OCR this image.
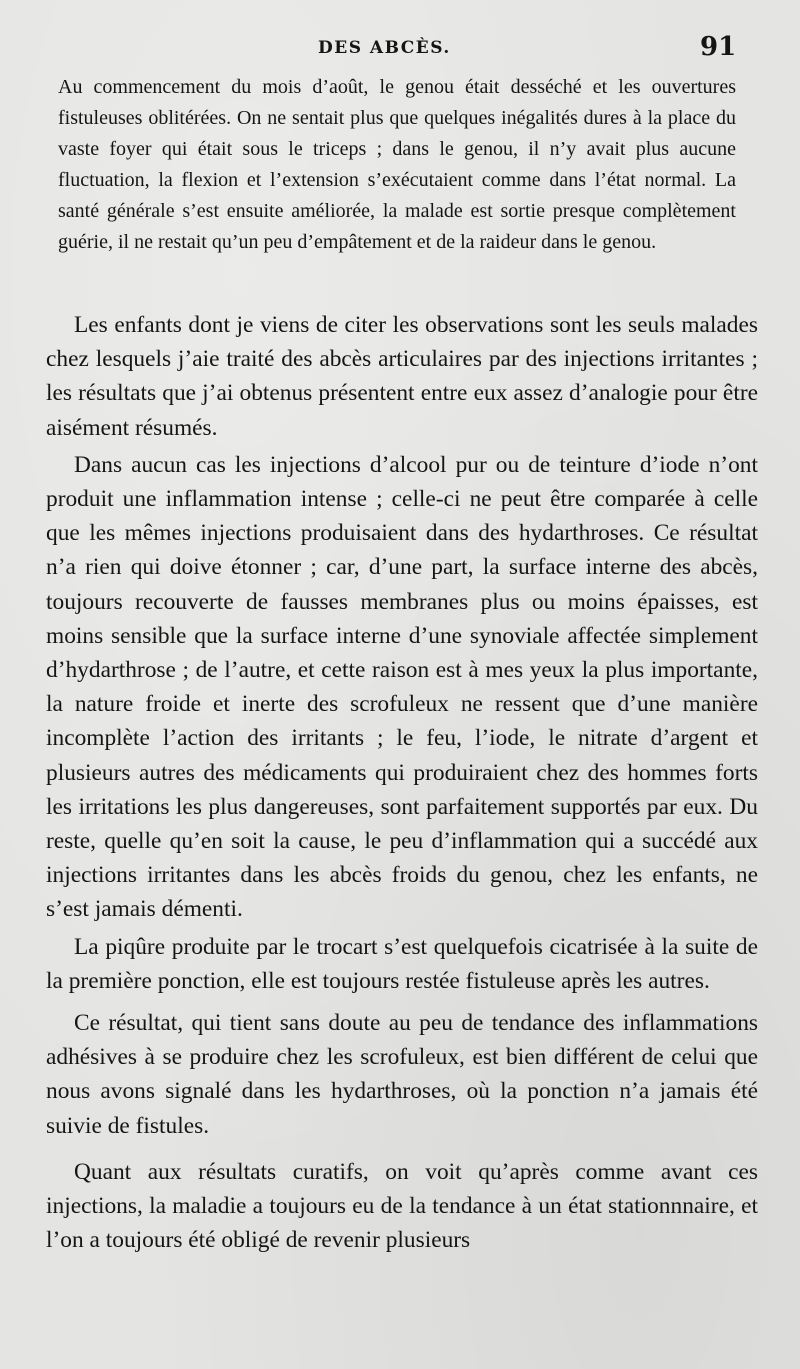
DES ABCÈS.	91

Au commencement du mois d’août, le genou était desséché et les ouvertures fistuleuses oblitérées. On ne sentait plus que quelques inégalités dures à la place du vaste foyer qui était sous le triceps ; dans le genou, il n’y avait plus aucune fluctuation, la flexion et l’extension s’exécutaient comme dans l’état normal. La santé générale s’est ensuite améliorée, la malade est sortie presque complètement guérie, il ne restait qu’un peu d’empâtement et de la raideur dans le genou.

Les enfants dont je viens de citer les observations sont les seuls malades chez lesquels j’aie traité des abcès articulaires par des injections irritantes ; les résultats que j’ai obtenus présentent entre eux assez d’analogie pour être aisément résumés.

Dans aucun cas les injections d’alcool pur ou de teinture d’iode n’ont produit une inflammation intense ; celle-ci ne peut être comparée à celle que les mêmes injections produisaient dans des hydarthroses. Ce résultat n’a rien qui doive étonner ; car, d’une part, la surface interne des abcès, toujours recouverte de fausses membranes plus ou moins épaisses, est moins sensible que la surface interne d’une synoviale affectée simplement d’hydarthrose ; de l’autre, et cette raison est à mes yeux la plus importante, la nature froide et inerte des scrofuleux ne ressent que d’une manière incomplète l’action des irritants ; le feu, l’iode, le nitrate d’argent et plusieurs autres des médicaments qui produiraient chez des hommes forts les irritations les plus dangereuses, sont parfaitement supportés par eux. Du reste, quelle qu’en soit la cause, le peu d’inflammation qui a succédé aux injections irritantes dans les abcès froids du genou, chez les enfants, ne s’est jamais démenti.

La piqûre produite par le trocart s’est quelquefois cicatrisée à la suite de la première ponction, elle est toujours restée fistuleuse après les autres.

Ce résultat, qui tient sans doute au peu de tendance des inflammations adhésives à se produire chez les scrofuleux, est bien différent de celui que nous avons signalé dans les hydarthroses, où la ponction n’a jamais été suivie de fistules.

Quant aux résultats curatifs, on voit qu’après comme avant ces injections, la maladie a toujours eu de la tendance à un état stationnnaire, et l’on a toujours été obligé de revenir plusieurs
